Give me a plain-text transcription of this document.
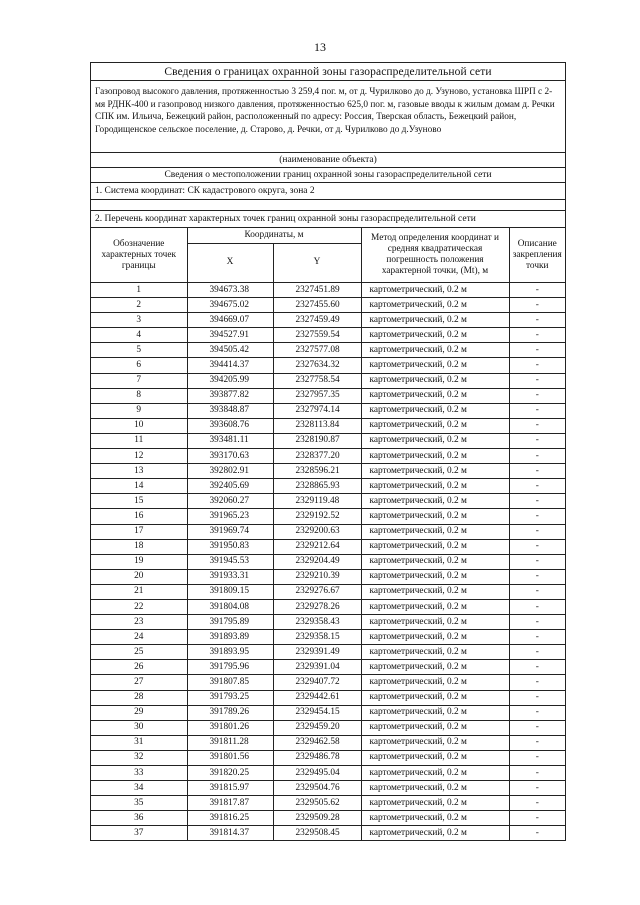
13
Сведения о границах охранной зоны газораспределительной сети
Газопровод высокого давления, протяженностью 3 259,4 пог. м, от д. Чурилково до д. Узуново, установка ШРП с 2-мя РДНК-400 и газопровод низкого давления, протяженностью 625,0 пог. м, газовые вводы к жилым домам д. Речки СПК им. Ильича, Бежецкий район, расположенный по адресу: Россия, Тверская область, Бежецкий район, Городищенское сельское поселение, д. Старово, д. Речки, от д. Чурилково до д.Узуново
(наименование объекта)
Сведения о местоположении границ охранной зоны газораспределительной сети
1. Система координат: СК кадастрового округа, зона 2
2. Перечень координат характерных точек границ охранной зоны газораспределительной сети
Обозначение характерных точек границы	Координаты, м		Метод определения координат и средняя квадратическая погрешность положения характерной точки, (Mt), м	Описание закрепления точки
	X	Y		
1	394673.38	2327451.89	картометрический, 0.2 м	-
2	394675.02	2327455.60	картометрический, 0.2 м	-
3	394669.07	2327459.49	картометрический, 0.2 м	-
4	394527.91	2327559.54	картометрический, 0.2 м	-
5	394505.42	2327577.08	картометрический, 0.2 м	-
6	394414.37	2327634.32	картометрический, 0.2 м	-
7	394205.99	2327758.54	картометрический, 0.2 м	-
8	393877.82	2327957.35	картометрический, 0.2 м	-
9	393848.87	2327974.14	картометрический, 0.2 м	-
10	393608.76	2328113.84	картометрический, 0.2 м	-
11	393481.11	2328190.87	картометрический, 0.2 м	-
12	393170.63	2328377.20	картометрический, 0.2 м	-
13	392802.91	2328596.21	картометрический, 0.2 м	-
14	392405.69	2328865.93	картометрический, 0.2 м	-
15	392060.27	2329119.48	картометрический, 0.2 м	-
16	391965.23	2329192.52	картометрический, 0.2 м	-
17	391969.74	2329200.63	картометрический, 0.2 м	-
18	391950.83	2329212.64	картометрический, 0.2 м	-
19	391945.53	2329204.49	картометрический, 0.2 м	-
20	391933.31	2329210.39	картометрический, 0.2 м	-
21	391809.15	2329276.67	картометрический, 0.2 м	-
22	391804.08	2329278.26	картометрический, 0.2 м	-
23	391795.89	2329358.43	картометрический, 0.2 м	-
24	391893.89	2329358.15	картометрический, 0.2 м	-
25	391893.95	2329391.49	картометрический, 0.2 м	-
26	391795.96	2329391.04	картометрический, 0.2 м	-
27	391807.85	2329407.72	картометрический, 0.2 м	-
28	391793.25	2329442.61	картометрический, 0.2 м	-
29	391789.26	2329454.15	картометрический, 0.2 м	-
30	391801.26	2329459.20	картометрический, 0.2 м	-
31	391811.28	2329462.58	картометрический, 0.2 м	-
32	391801.56	2329486.78	картометрический, 0.2 м	-
33	391820.25	2329495.04	картометрический, 0.2 м	-
34	391815.97	2329504.76	картометрический, 0.2 м	-
35	391817.87	2329505.62	картометрический, 0.2 м	-
36	391816.25	2329509.28	картометрический, 0.2 м	-
37	391814.37	2329508.45	картометрический, 0.2 м	-
